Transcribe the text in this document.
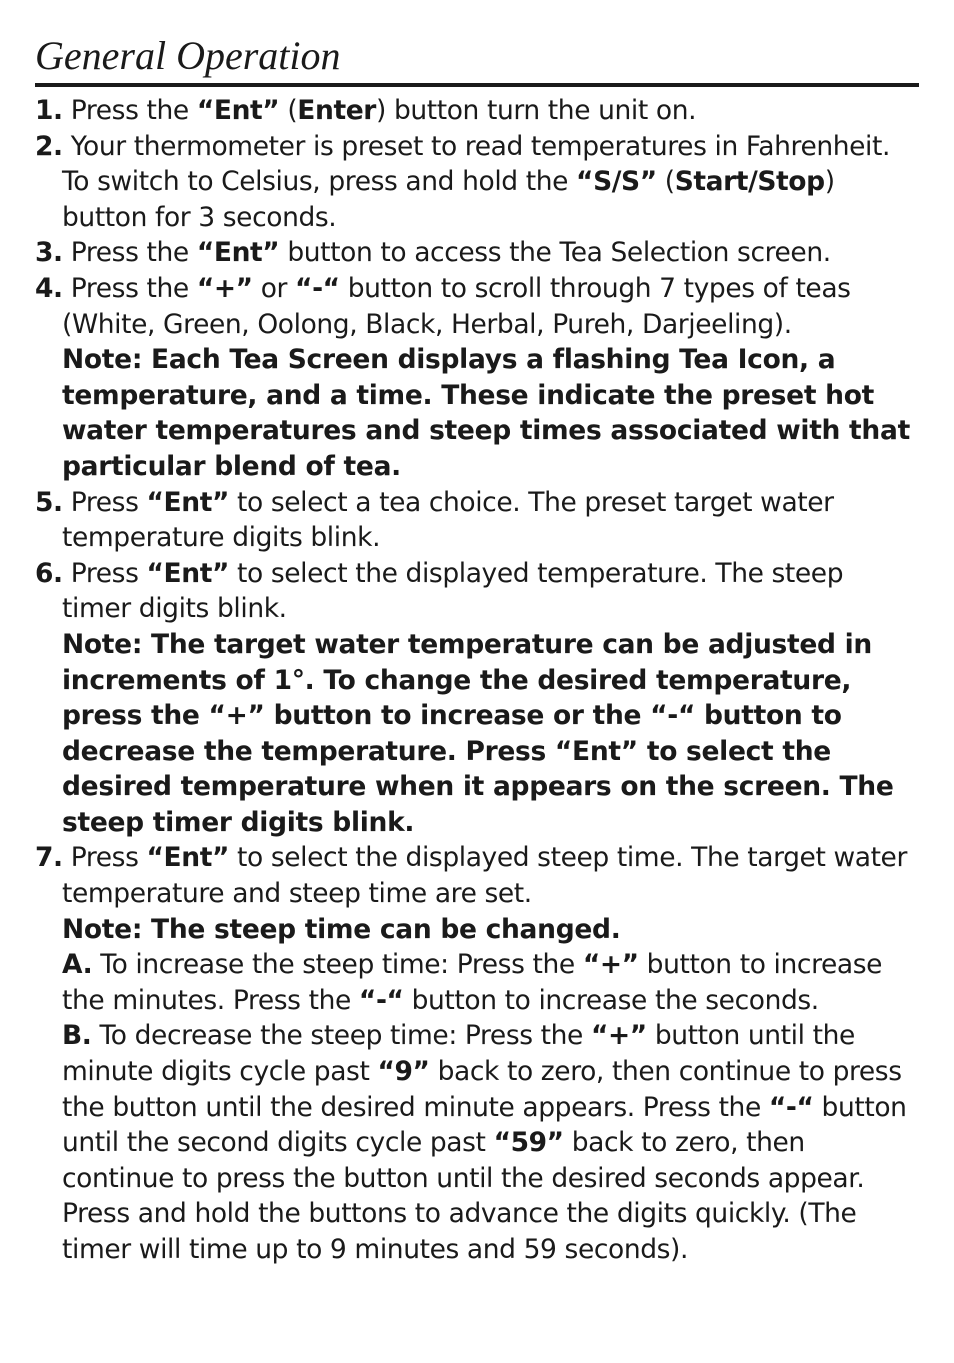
General Operation
1. Press the “Ent” (Enter) button turn the unit on.
2. Your thermometer is preset to read temperatures in Fahrenheit. To switch to Celsius, press and hold the “S/S” (Start/Stop) button for 3 seconds.
3. Press the “Ent” button to access the Tea Selection screen.
4. Press the “+” or “-“ button to scroll through 7 types of teas (White, Green, Oolong, Black, Herbal, Pureh, Darjeeling).
Note: Each Tea Screen displays a flashing Tea Icon, a temperature, and a time. These indicate the preset hot water temperatures and steep times associated with that particular blend of tea.
5. Press “Ent” to select a tea choice. The preset target water temperature digits blink.
6. Press “Ent” to select the displayed temperature. The steep timer digits blink.
Note: The target water temperature can be adjusted in increments of 1°. To change the desired temperature, press the “+” button to increase or the “-“ button to decrease the temperature. Press “Ent” to select the desired temperature when it appears on the screen. The steep timer digits blink.
7. Press “Ent” to select the displayed steep time. The target water temperature and steep time are set.
Note: The steep time can be changed.
A. To increase the steep time: Press the “+” button to increase the minutes. Press the “-“ button to increase the seconds.
B. To decrease the steep time: Press the “+” button until the minute digits cycle past “9” back to zero, then continue to press the button until the desired minute appears. Press the “-“ button until the second digits cycle past “59” back to zero, then continue to press the button until the desired seconds appear. Press and hold the buttons to advance the digits quickly. (The timer will time up to 9 minutes and 59 seconds).
